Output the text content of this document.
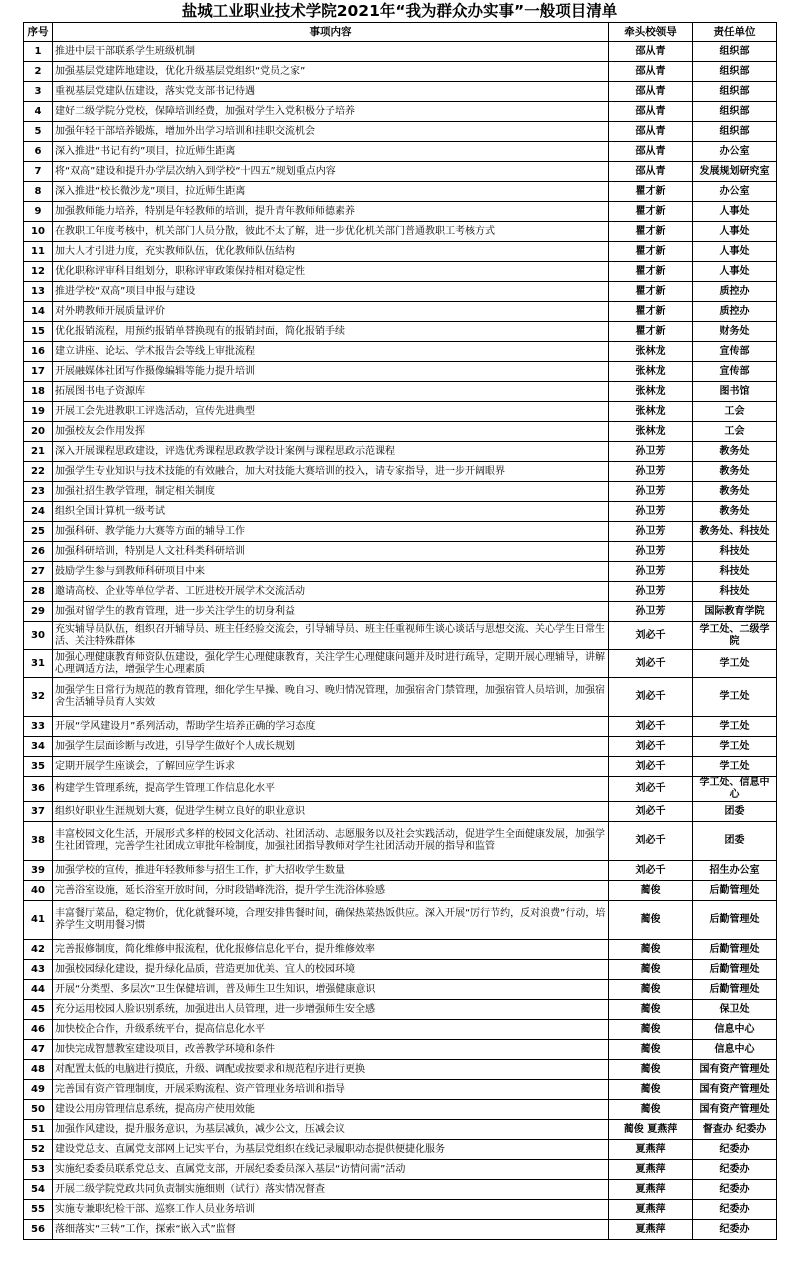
盐城工业职业技术学院2021年“我为群众办实事”一般项目清单
序号	事项内容	牵头校领导	责任单位
1	推进中层干部联系学生班级机制	邵从青	组织部
2	加强基层党建阵地建设，优化升级基层党组织“党员之家”	邵从青	组织部
3	重视基层党建队伍建设，落实党支部书记待遇	邵从青	组织部
4	建好二级学院分党校，保障培训经费，加强对学生入党积极分子培养	邵从青	组织部
5	加强年轻干部培养锻炼，增加外出学习培训和挂职交流机会	邵从青	组织部
6	深入推进“书记有约”项目，拉近师生距离	邵从青	办公室
7	将“双高”建设和提升办学层次纳入到学校“十四五”规划重点内容	邵从青	发展规划研究室
8	深入推进“校长微沙龙”项目，拉近师生距离	瞿才新	办公室
9	加强教师能力培养，特别是年轻教师的培训，提升青年教师师德素养	瞿才新	人事处
10	在教职工年度考核中，机关部门人员分散，彼此不太了解，进一步优化机关部门普通教职工考核方式	瞿才新	人事处
11	加大人才引进力度，充实教师队伍，优化教师队伍结构	瞿才新	人事处
12	优化职称评审科目组划分，职称评审政策保持相对稳定性	瞿才新	人事处
13	推进学校“双高”项目申报与建设	瞿才新	质控办
14	对外聘教师开展质量评价	瞿才新	质控办
15	优化报销流程，用预约报销单替换现有的报销封面，简化报销手续	瞿才新	财务处
16	建立讲座、论坛、学术报告会等线上审批流程	张林龙	宣传部
17	开展融媒体社团写作摄像编辑等能力提升培训	张林龙	宣传部
18	拓展图书电子资源库	张林龙	图书馆
19	开展工会先进教职工评选活动，宣传先进典型	张林龙	工会
20	加强校友会作用发挥	张林龙	工会
21	深入开展课程思政建设，评选优秀课程思政教学设计案例与课程思政示范课程	孙卫芳	教务处
22	加强学生专业知识与技术技能的有效融合，加大对技能大赛培训的投入，请专家指导，进一步开阔眼界	孙卫芳	教务处
23	加强社招生教学管理，制定相关制度	孙卫芳	教务处
24	组织全国计算机一级考试	孙卫芳	教务处
25	加强科研、教学能力大赛等方面的辅导工作	孙卫芳	教务处、科技处
26	加强科研培训，特别是人文社科类科研培训	孙卫芳	科技处
27	鼓励学生参与到教师科研项目中来	孙卫芳	科技处
28	邀请高校、企业等单位学者、工匠进校开展学术交流活动	孙卫芳	科技处
29	加强对留学生的教育管理，进一步关注学生的切身利益	孙卫芳	国际教育学院
30	充实辅导员队伍，组织召开辅导员、班主任经验交流会，引导辅导员、班主任重视师生谈心谈话与思想交流、关心学生日常生活、关注特殊群体	刘必千	学工处、二级学院
31	加强心理健康教育师资队伍建设，强化学生心理健康教育，关注学生心理健康问题并及时进行疏导，定期开展心理辅导，讲解心理调适方法，增强学生心理素质	刘必千	学工处
32	加强学生日常行为规范的教育管理，细化学生早操、晚自习、晚归情况管理，加强宿舍门禁管理，加强宿管人员培训，加强宿舍生活辅导员育人实效	刘必千	学工处
33	开展“学风建设月”系列活动，帮助学生培养正确的学习态度	刘必千	学工处
34	加强学生层面诊断与改进，引导学生做好个人成长规划	刘必千	学工处
35	定期开展学生座谈会，了解回应学生诉求	刘必千	学工处
36	构建学生管理系统，提高学生管理工作信息化水平	刘必千	学工处、信息中心
37	组织好职业生涯规划大赛，促进学生树立良好的职业意识	刘必千	团委
38	丰富校园文化生活，开展形式多样的校园文化活动、社团活动、志愿服务以及社会实践活动，促进学生全面健康发展，加强学生社团管理，完善学生社团成立审批年检制度，加强社团指导教师对学生社团活动开展的指导和监管	刘必千	团委
39	加强学校的宣传，推进年轻教师参与招生工作，扩大招收学生数量	刘必千	招生办公室
40	完善浴室设施，延长浴室开放时间，分时段错峰洗浴，提升学生洗浴体验感	蔺俊	后勤管理处
41	丰富餐厅菜品，稳定物价，优化就餐环境，合理安排售餐时间，确保热菜热饭供应。深入开展“厉行节约，反对浪费”行动，培养学生文明用餐习惯	蔺俊	后勤管理处
42	完善报修制度，简化维修申报流程，优化报修信息化平台，提升维修效率	蔺俊	后勤管理处
43	加强校园绿化建设，提升绿化品质，营造更加优美、宜人的校园环境	蔺俊	后勤管理处
44	开展“分类型、多层次”卫生保健培训，普及师生卫生知识，增强健康意识	蔺俊	后勤管理处
45	充分运用校园人脸识别系统，加强进出人员管理，进一步增强师生安全感	蔺俊	保卫处
46	加快校企合作，升级系统平台，提高信息化水平	蔺俊	信息中心
47	加快完成智慧教室建设项目，改善教学环境和条件	蔺俊	信息中心
48	对配置太低的电脑进行摸底，升级、调配或按要求和规范程序进行更换	蔺俊	国有资产管理处
49	完善国有资产管理制度，开展采购流程、资产管理业务培训和指导	蔺俊	国有资产管理处
50	建设公用房管理信息系统，提高房产使用效能	蔺俊	国有资产管理处
51	加强作风建设，提升服务意识，为基层减负，减少公文，压减会议	蔺俊 夏燕萍	督查办 纪委办
52	建设党总支、直属党支部网上记实平台，为基层党组织在线记录履职动态提供便捷化服务	夏燕萍	纪委办
53	实施纪委委员联系党总支、直属党支部，开展纪委委员深入基层“访情问需”活动	夏燕萍	纪委办
54	开展二级学院党政共同负责制实施细则（试行）落实情况督查	夏燕萍	纪委办
55	实施专兼职纪检干部、巡察工作人员业务培训	夏燕萍	纪委办
56	落细落实“三转”工作，探索“嵌入式”监督	夏燕萍	纪委办
